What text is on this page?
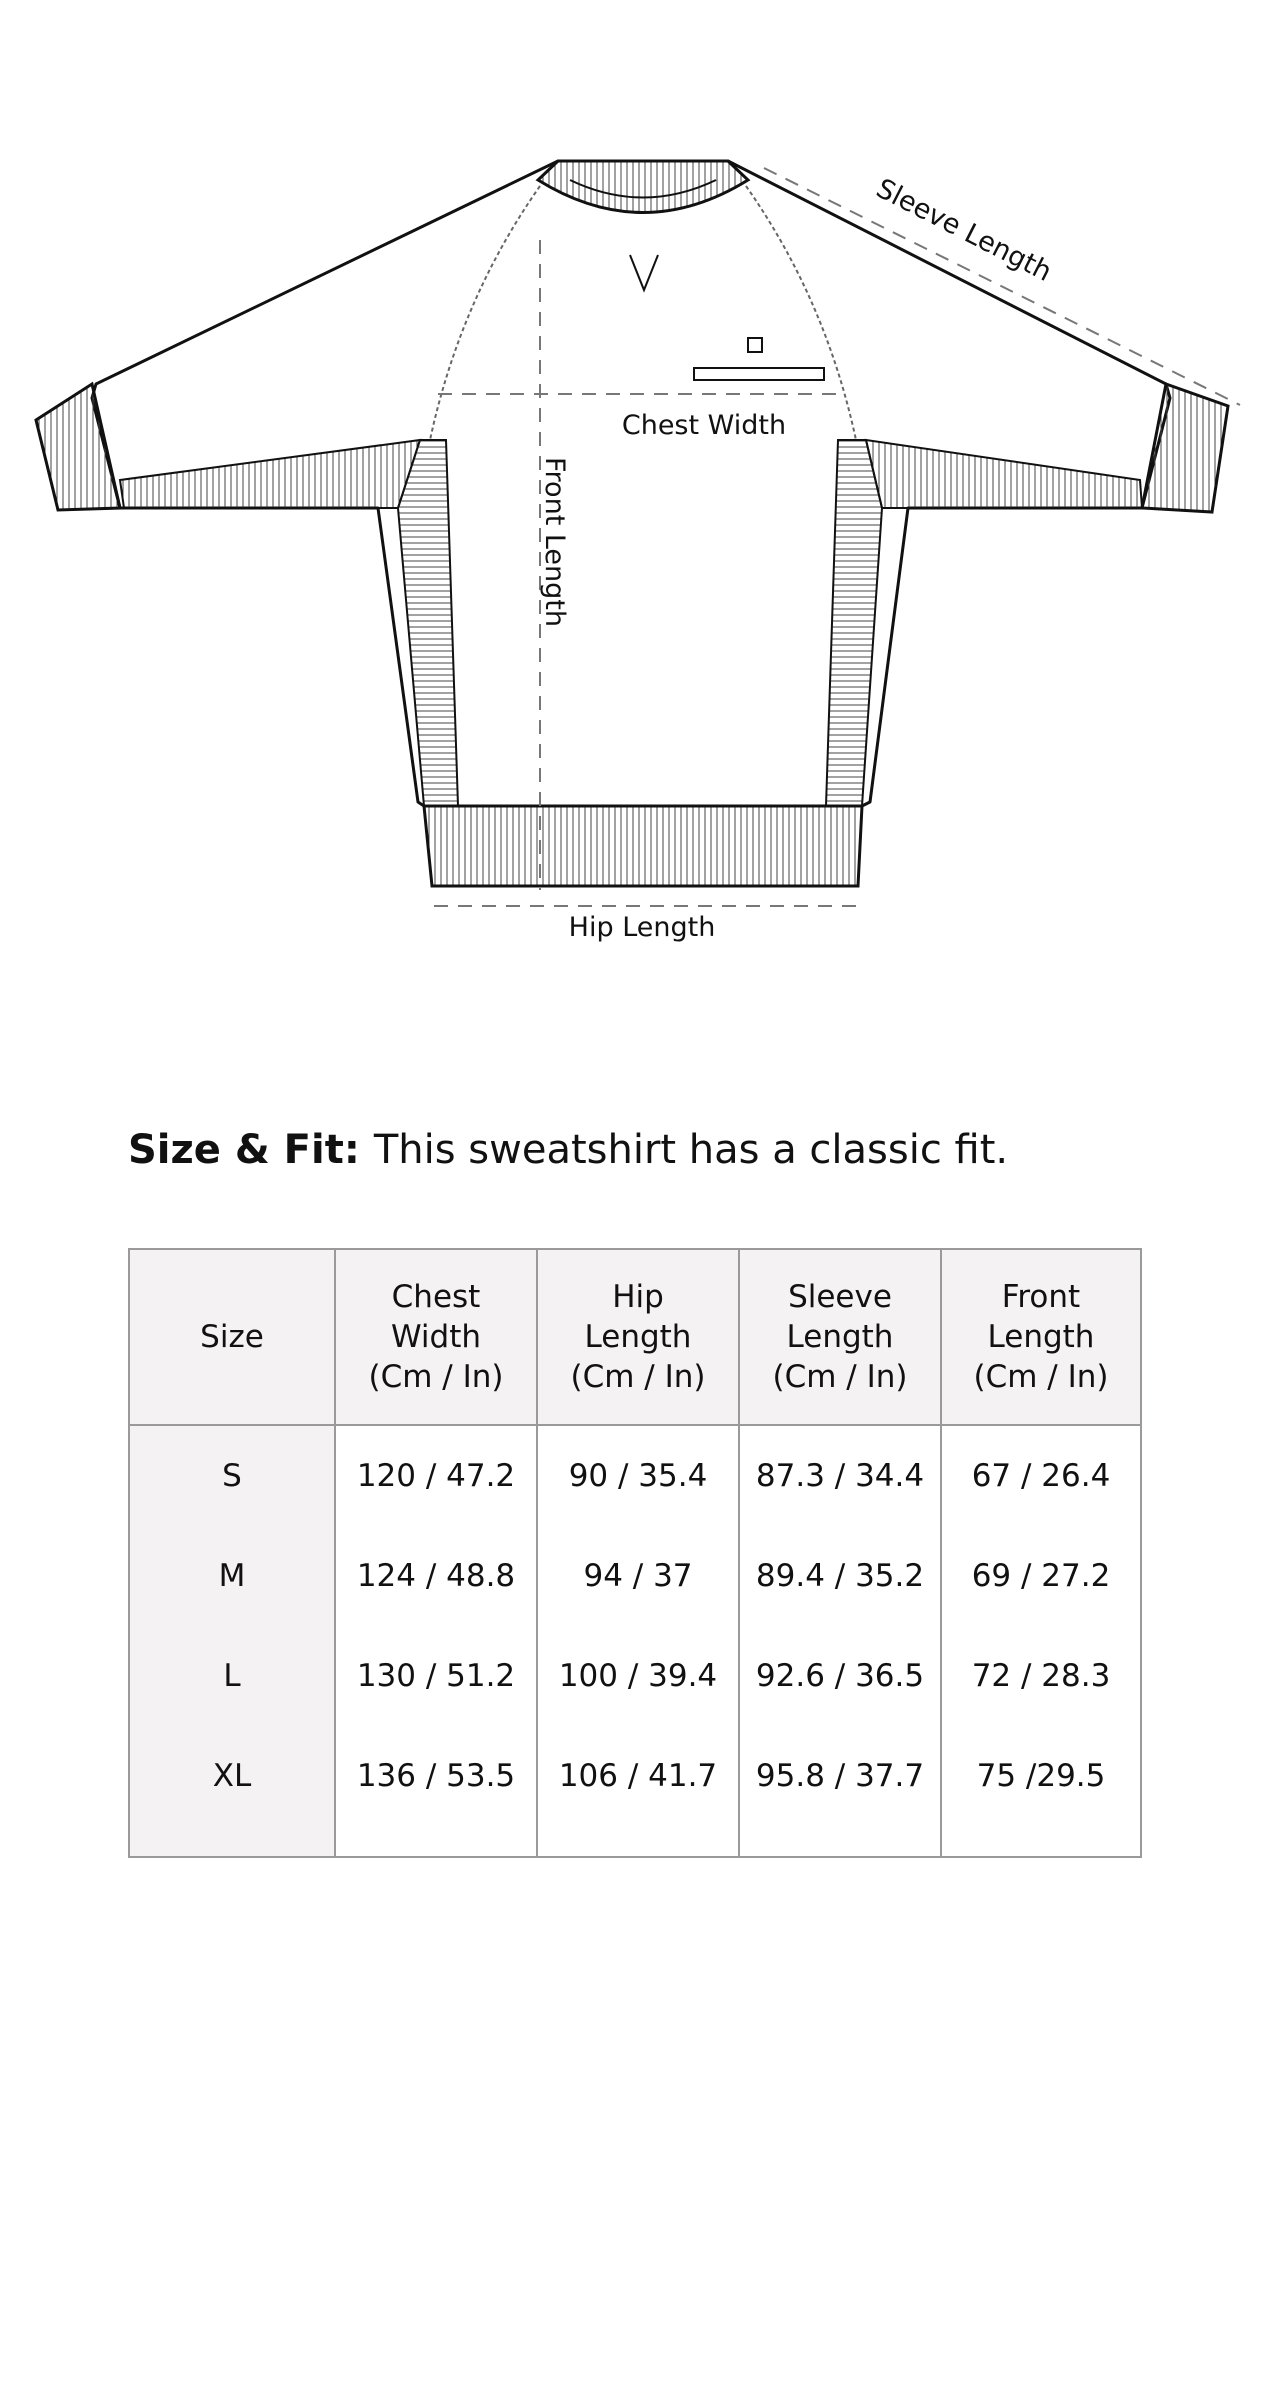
Sleeve Length
Chest Width
Front Length
Hip Length
Size & Fit: This sweatshirt has a classic fit.
Size	Chest
Width
(Cm / In)	Hip
Length
(Cm / In)	Sleeve
Length
(Cm / In)	Front
Length
(Cm / In)

S	120 / 47.2	90 / 35.4	87.3 / 34.4	67 / 26.4
M	124 / 48.8	94 / 37	89.4 / 35.2	69 / 27.2
L	130 / 51.2	100 / 39.4	92.6 / 36.5	72 / 28.3

XL	136 / 53.5	106 / 41.7	95.8 / 37.7	75 /29.5
